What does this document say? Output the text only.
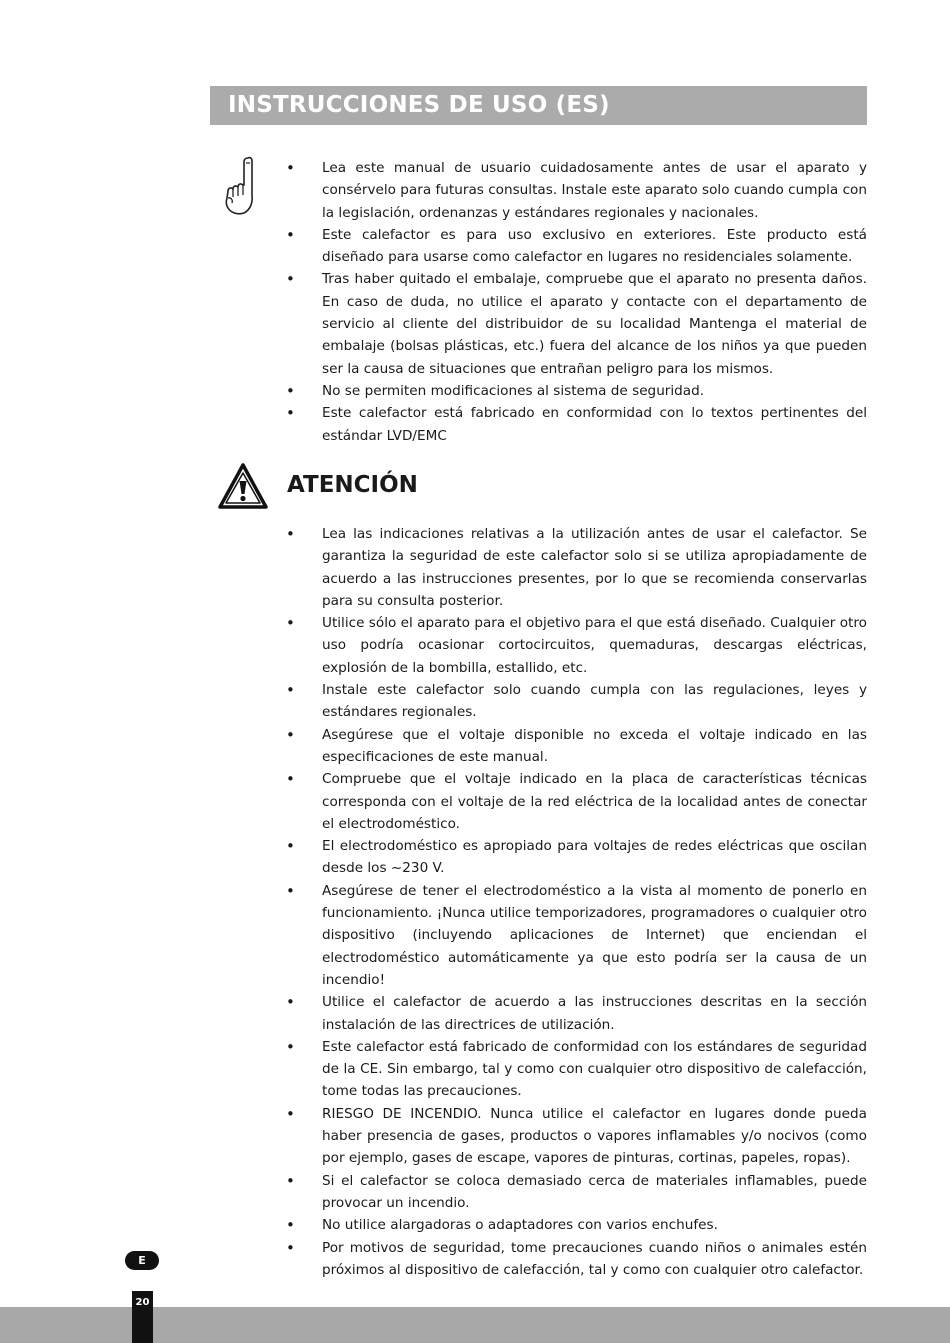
INSTRUCCIONES DE USO (ES)
• Lea este manual de usuario cuidadosamente antes de usar el aparato y consérvelo para futuras consultas. Instale este aparato solo cuando cumpla con la legislación, ordenanzas y estándares regionales y nacionales.
• Este calefactor es para uso exclusivo en exteriores. Este producto está diseñado para usarse como calefactor en lugares no residenciales solamente.
• Tras haber quitado el embalaje, compruebe que el aparato no presenta daños. En caso de duda, no utilice el aparato y contacte con el departamento de servicio al cliente del distribuidor de su localidad Mantenga el material de embalaje (bolsas plásticas, etc.) fuera del alcance de los niños ya que pueden ser la causa de situaciones que entrañan peligro para los mismos.
• No se permiten modificaciones al sistema de seguridad.
• Este calefactor está fabricado en conformidad con lo textos pertinentes del estándar LVD/EMC
ATENCIÓN
• Lea las indicaciones relativas a la utilización antes de usar el calefactor. Se garantiza la seguridad de este calefactor solo si se utiliza apropiadamente de acuerdo a las instrucciones presentes, por lo que se recomienda conservarlas para su consulta posterior.
• Utilice sólo el aparato para el objetivo para el que está diseñado. Cualquier otro uso podría ocasionar cortocircuitos, quemaduras, descargas eléctricas, explosión de la bombilla, estallido, etc.
• Instale este calefactor solo cuando cumpla con las regulaciones, leyes y estándares regionales.
• Asegúrese que el voltaje disponible no exceda el voltaje indicado en las especificaciones de este manual.
• Compruebe que el voltaje indicado en la placa de características técnicas corresponda con el voltaje de la red eléctrica de la localidad antes de conectar el electrodoméstico.
• El electrodoméstico es apropiado para voltajes de redes eléctricas que oscilan desde los ~230 V.
• Asegúrese de tener el electrodoméstico a la vista al momento de ponerlo en funcionamiento. ¡Nunca utilice temporizadores, programadores o cualquier otro dispositivo (incluyendo aplicaciones de Internet) que enciendan el electrodoméstico automáticamente ya que esto podría ser la causa de un incendio!
• Utilice el calefactor de acuerdo a las instrucciones descritas en la sección instalación de las directrices de utilización.
• Este calefactor está fabricado de conformidad con los estándares de seguridad de la CE. Sin embargo, tal y como con cualquier otro dispositivo de calefacción, tome todas las precauciones.
• RIESGO DE INCENDIO. Nunca utilice el calefactor en lugares donde pueda haber presencia de gases, productos o vapores inflamables y/o nocivos (como por ejemplo, gases de escape, vapores de pinturas, cortinas, papeles, ropas).
• Si el calefactor se coloca demasiado cerca de materiales inflamables, puede provocar un incendio.
• No utilice alargadoras o adaptadores con varios enchufes.
• Por motivos de seguridad, tome precauciones cuando niños o animales estén próximos al dispositivo de calefacción, tal y como con cualquier otro calefactor.
E
20
